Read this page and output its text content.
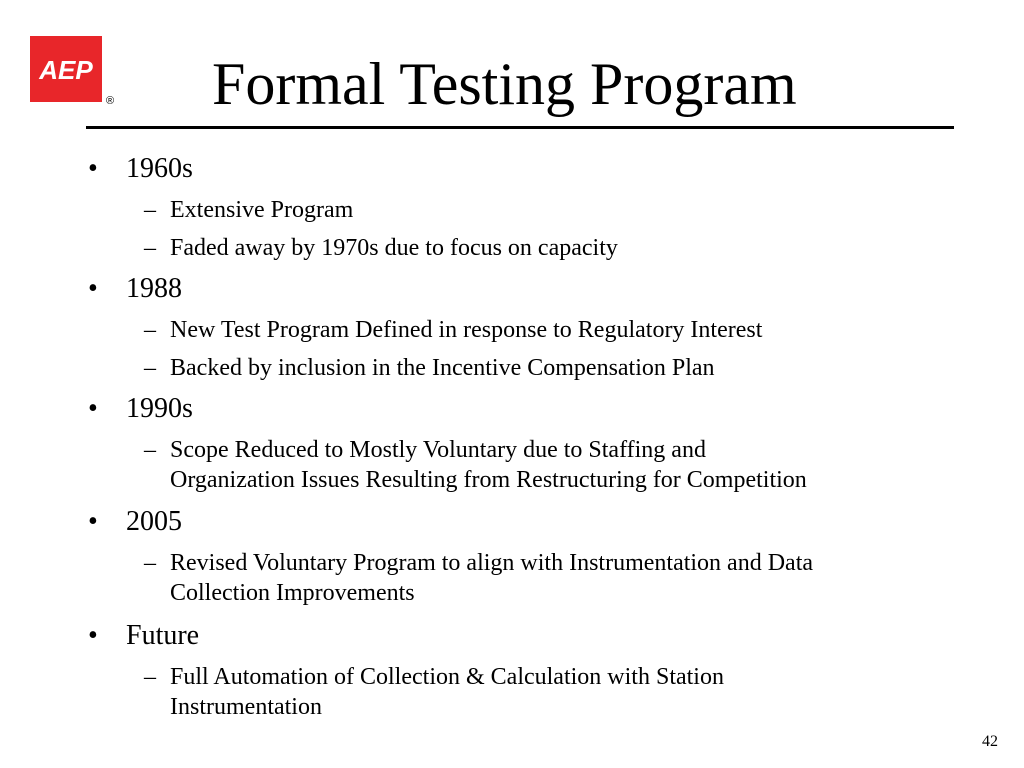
AEP
® Formal Testing Program
•	1960s
– Extensive Program
– Faded away by 1970s due to focus on capacity
•	1988
– New Test Program Defined in response to Regulatory Interest
– Backed by inclusion in the Incentive Compensation Plan
•	1990s
– Scope Reduced to Mostly Voluntary due to Staffing and
Organization Issues Resulting from Restructuring for Competition
•	2005
– Revised Voluntary Program to align with Instrumentation and Data
Collection Improvements
•	Future
– Full Automation of Collection & Calculation with Station
Instrumentation
42
